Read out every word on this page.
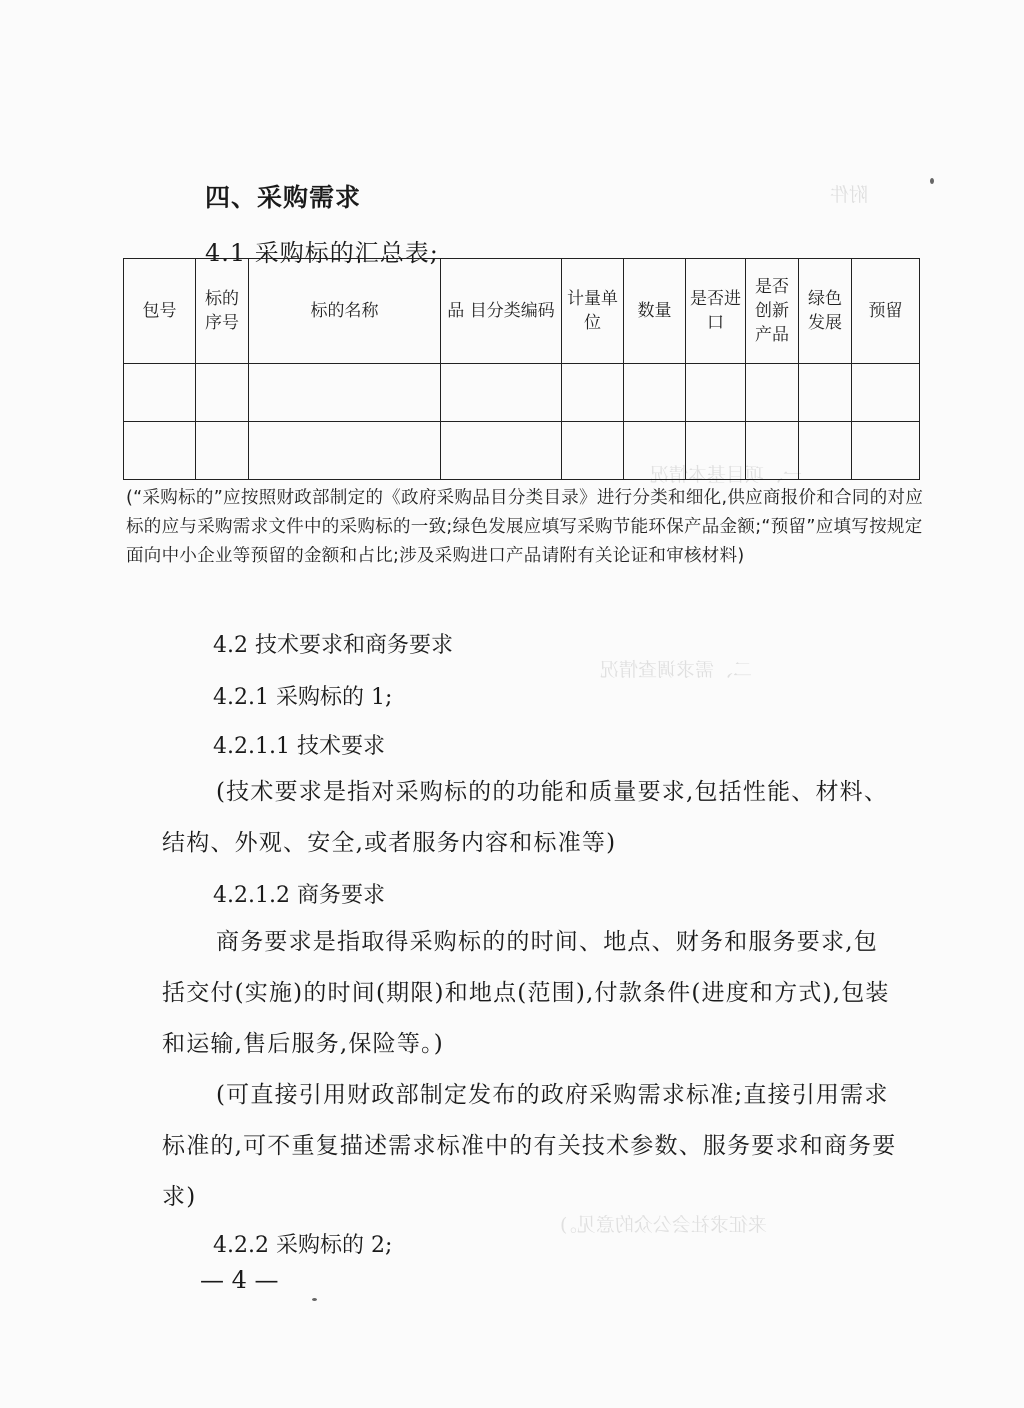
附件
一、项目基本情况
二、需求调查情况
来征求社会公众的意见。)
四、采购需求
4.1 采购标的汇总表;
包号	标的序号	标的名称	品 目分类编码	计量单位	数量	是否进口	是否创新产品	绿色发展	预留

(“采购标的”应按照财政部制定的《政府采购品目分类目录》进行分类和细化,供应商报价和合同的对应标的应与采购需求文件中的采购标的一致;绿色发展应填写采购节能环保产品金额;“预留”应填写按规定面向中小企业等预留的金额和占比;涉及采购进口产品请附有关论证和审核材料)
4.2 技术要求和商务要求
4.2.1 采购标的 1;
4.2.1.1 技术要求
(技术要求是指对采购标的的功能和质量要求,包括性能、材料、结构、外观、安全,或者服务内容和标准等)
4.2.1.2 商务要求
商务要求是指取得采购标的的时间、地点、财务和服务要求,包括交付(实施)的时间(期限)和地点(范围),付款条件(进度和方式),包装和运输,售后服务,保险等。)
(可直接引用财政部制定发布的政府采购需求标准;直接引用需求标准的,可不重复描述需求标准中的有关技术参数、服务要求和商务要求)
4.2.2 采购标的 2;
— 4 —
